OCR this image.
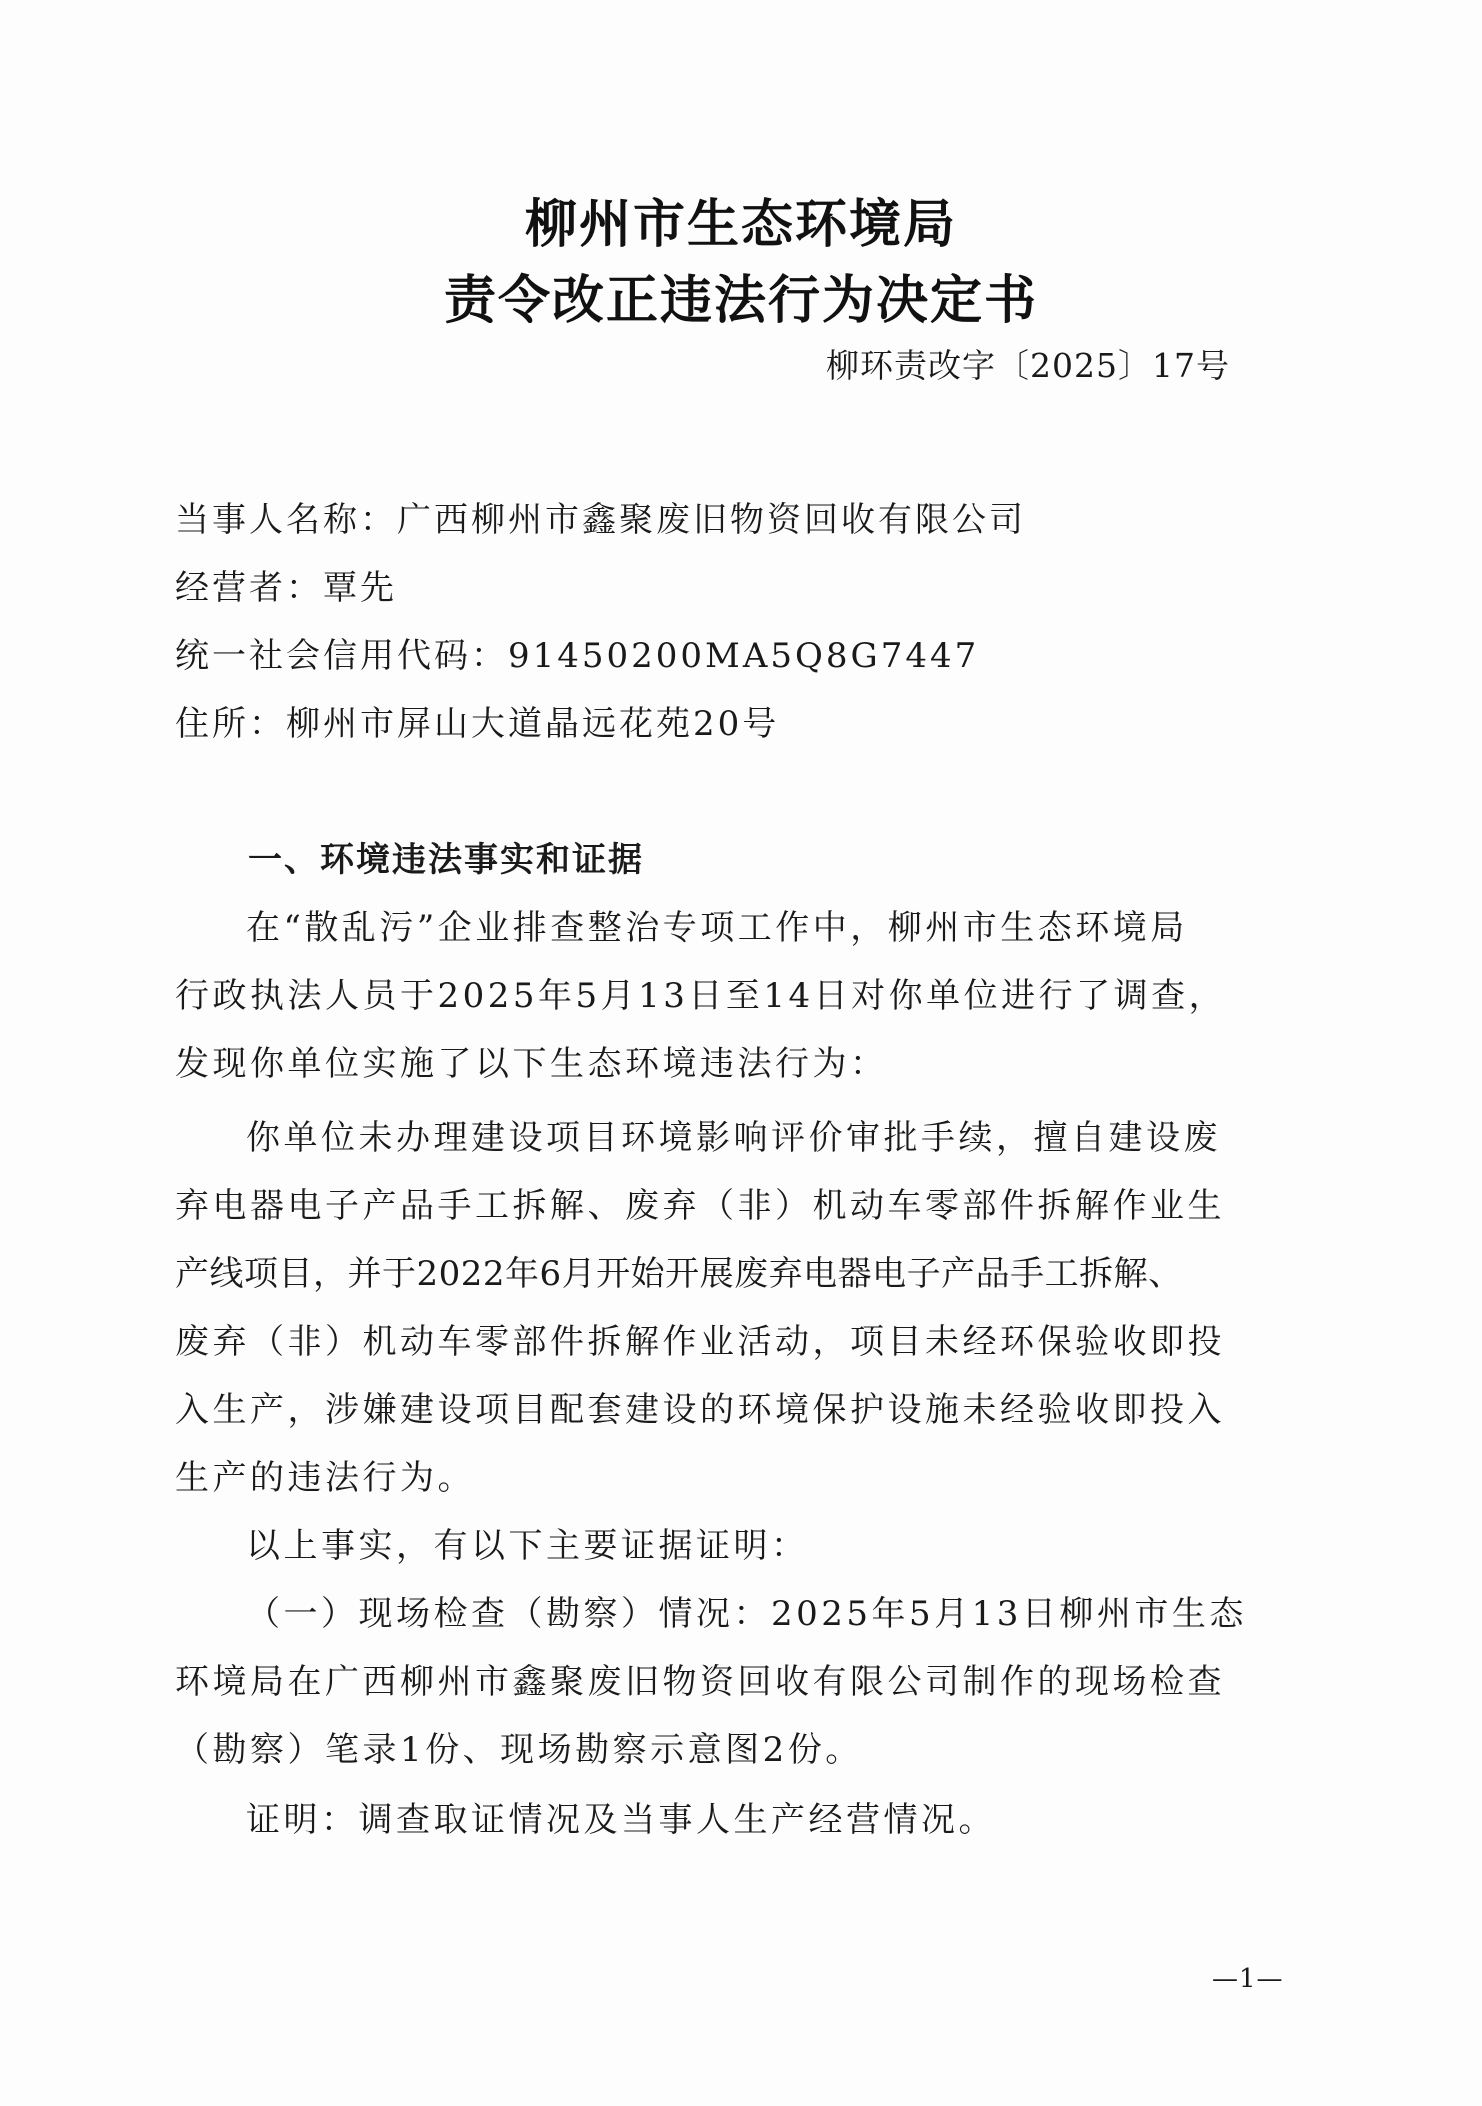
柳州市生态环境局
责令改正违法行为决定书
柳环责改字〔2025〕17号
当事人名称：广西柳州市鑫聚废旧物资回收有限公司
经营者：覃先
统一社会信用代码：91450200MA5Q8G7447
住所：柳州市屏山大道晶远花苑20号
一、环境违法事实和证据
在“散乱污”企业排查整治专项工作中，柳州市生态环境局
行政执法人员于2025年5月13日至14日对你单位进行了调查，
发现你单位实施了以下生态环境违法行为：
你单位未办理建设项目环境影响评价审批手续，擅自建设废
弃电器电子产品手工拆解、废弃（非）机动车零部件拆解作业生
产线项目，并于2022年6月开始开展废弃电器电子产品手工拆解、
废弃（非）机动车零部件拆解作业活动，项目未经环保验收即投
入生产，涉嫌建设项目配套建设的环境保护设施未经验收即投入
生产的违法行为。
以上事实，有以下主要证据证明：
（一）现场检查（勘察）情况：2025年5月13日柳州市生态
环境局在广西柳州市鑫聚废旧物资回收有限公司制作的现场检查
（勘察）笔录1份、现场勘察示意图2份。
证明：调查取证情况及当事人生产经营情况。
—1—
